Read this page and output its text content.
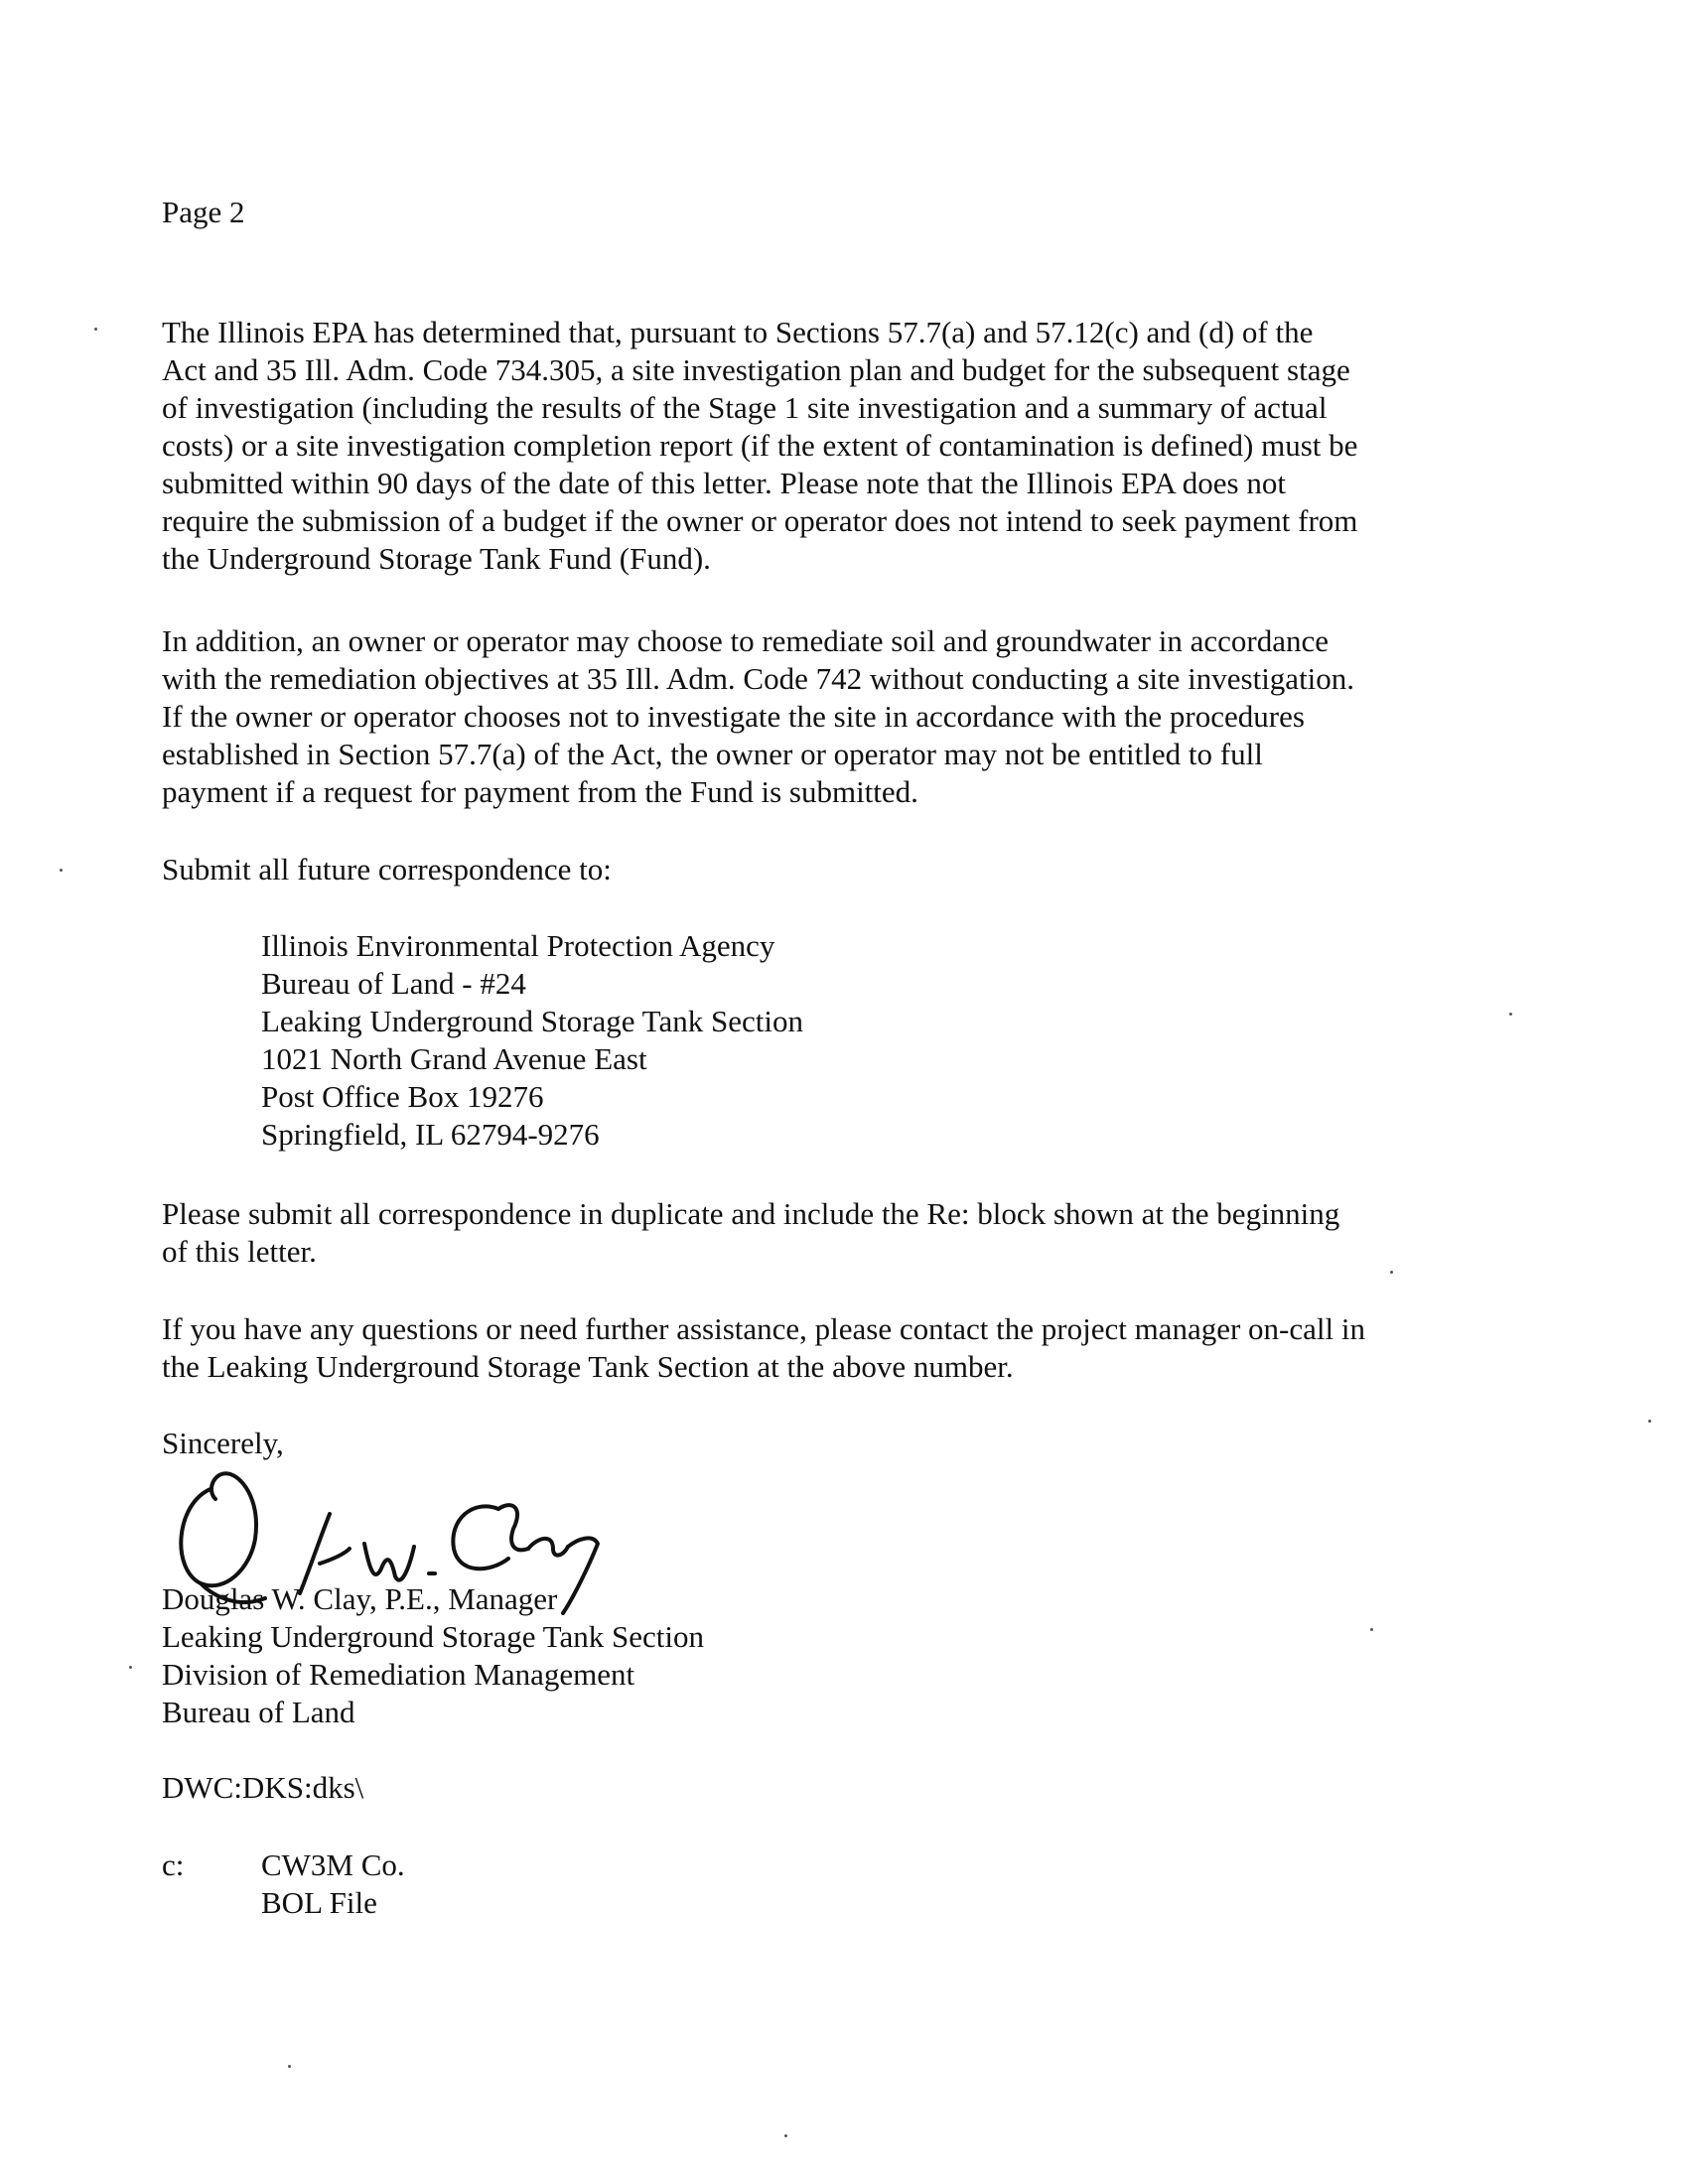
Page 2

The Illinois EPA has determined that, pursuant to Sections 57.7(a) and 57.12(c) and (d) of the
Act and 35 Ill. Adm. Code 734.305, a site investigation plan and budget for the subsequent stage
of investigation (including the results of the Stage 1 site investigation and a summary of actual
costs) or a site investigation completion report (if the extent of contamination is defined) must be
submitted within 90 days of the date of this letter. Please note that the Illinois EPA does not
require the submission of a budget if the owner or operator does not intend to seek payment from
the Underground Storage Tank Fund (Fund).

In addition, an owner or operator may choose to remediate soil and groundwater in accordance
with the remediation objectives at 35 Ill. Adm. Code 742 without conducting a site investigation.
If the owner or operator chooses not to investigate the site in accordance with the procedures
established in Section 57.7(a) of the Act, the owner or operator may not be entitled to full
payment if a request for payment from the Fund is submitted.

Submit all future correspondence to:

Illinois Environmental Protection Agency
Bureau of Land - #24
Leaking Underground Storage Tank Section
1021 North Grand Avenue East
Post Office Box 19276
Springfield, IL 62794-9276

Please submit all correspondence in duplicate and include the Re: block shown at the beginning
of this letter.

If you have any questions or need further assistance, please contact the project manager on-call in
the Leaking Underground Storage Tank Section at the above number.

Sincerely,
Douglas W. Clay, P.E., Manager
Leaking Underground Storage Tank Section
Division of Remediation Management
Bureau of Land
DWC:DKS:dks\
c:	CW3M Co.
BOL File
